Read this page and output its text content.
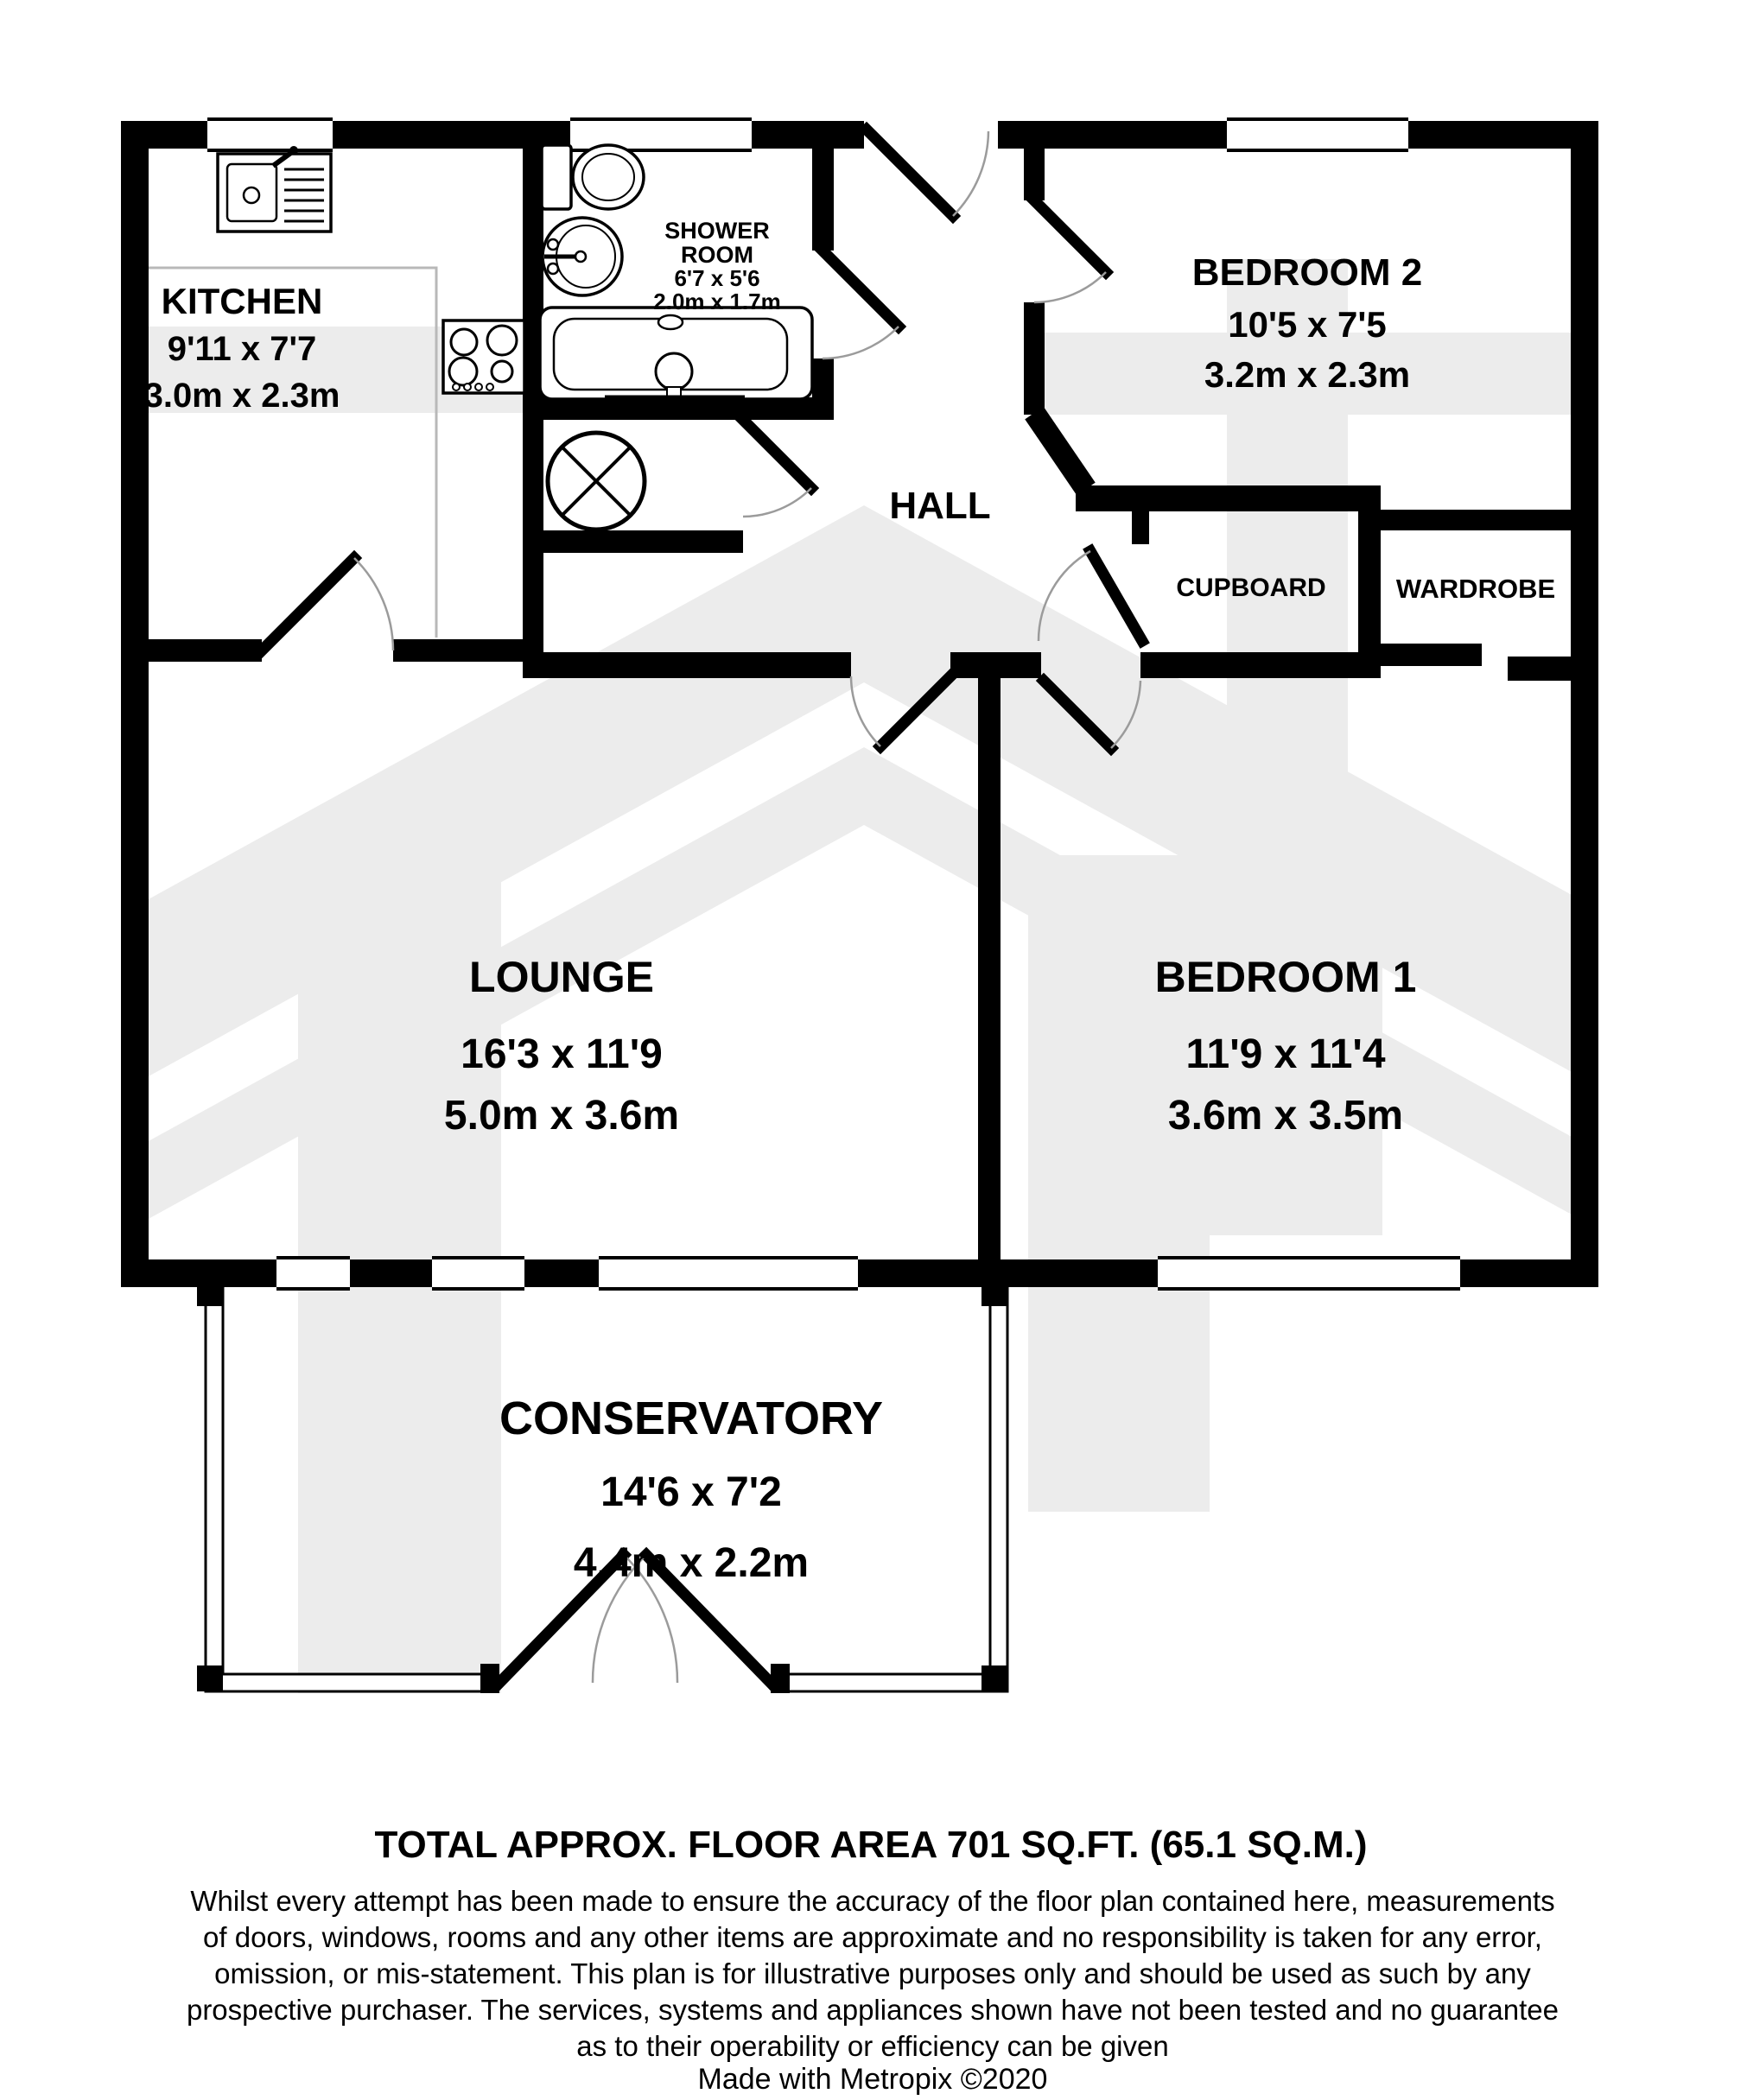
KITCHEN
9'11 x 7'7
3.0m x 2.3m
SHOWER
ROOM
6'7 x 5'6
2.0m x 1.7m
HALL
BEDROOM 2
10'5 x 7'5
3.2m x 2.3m
CUPBOARD	WARDROBE
LOUNGE
16'3 x 11'9
5.0m x 3.6m
BEDROOM 1
11'9 x 11'4
3.6m x 3.5m
CONSERVATORY
14'6 x 7'2
4.4m x 2.2m
TOTAL APPROX. FLOOR AREA 701 SQ.FT. (65.1 SQ.M.)
Whilst every attempt has been made to ensure the accuracy of the floor plan contained here, measurements
of doors, windows, rooms and any other items are approximate and no responsibility is taken for any error,
omission, or mis-statement. This plan is for illustrative purposes only and should be used as such by any
prospective purchaser. The services, systems and appliances shown have not been tested and no guarantee
as to their operability or efficiency can be given
Made with Metropix ©2020
